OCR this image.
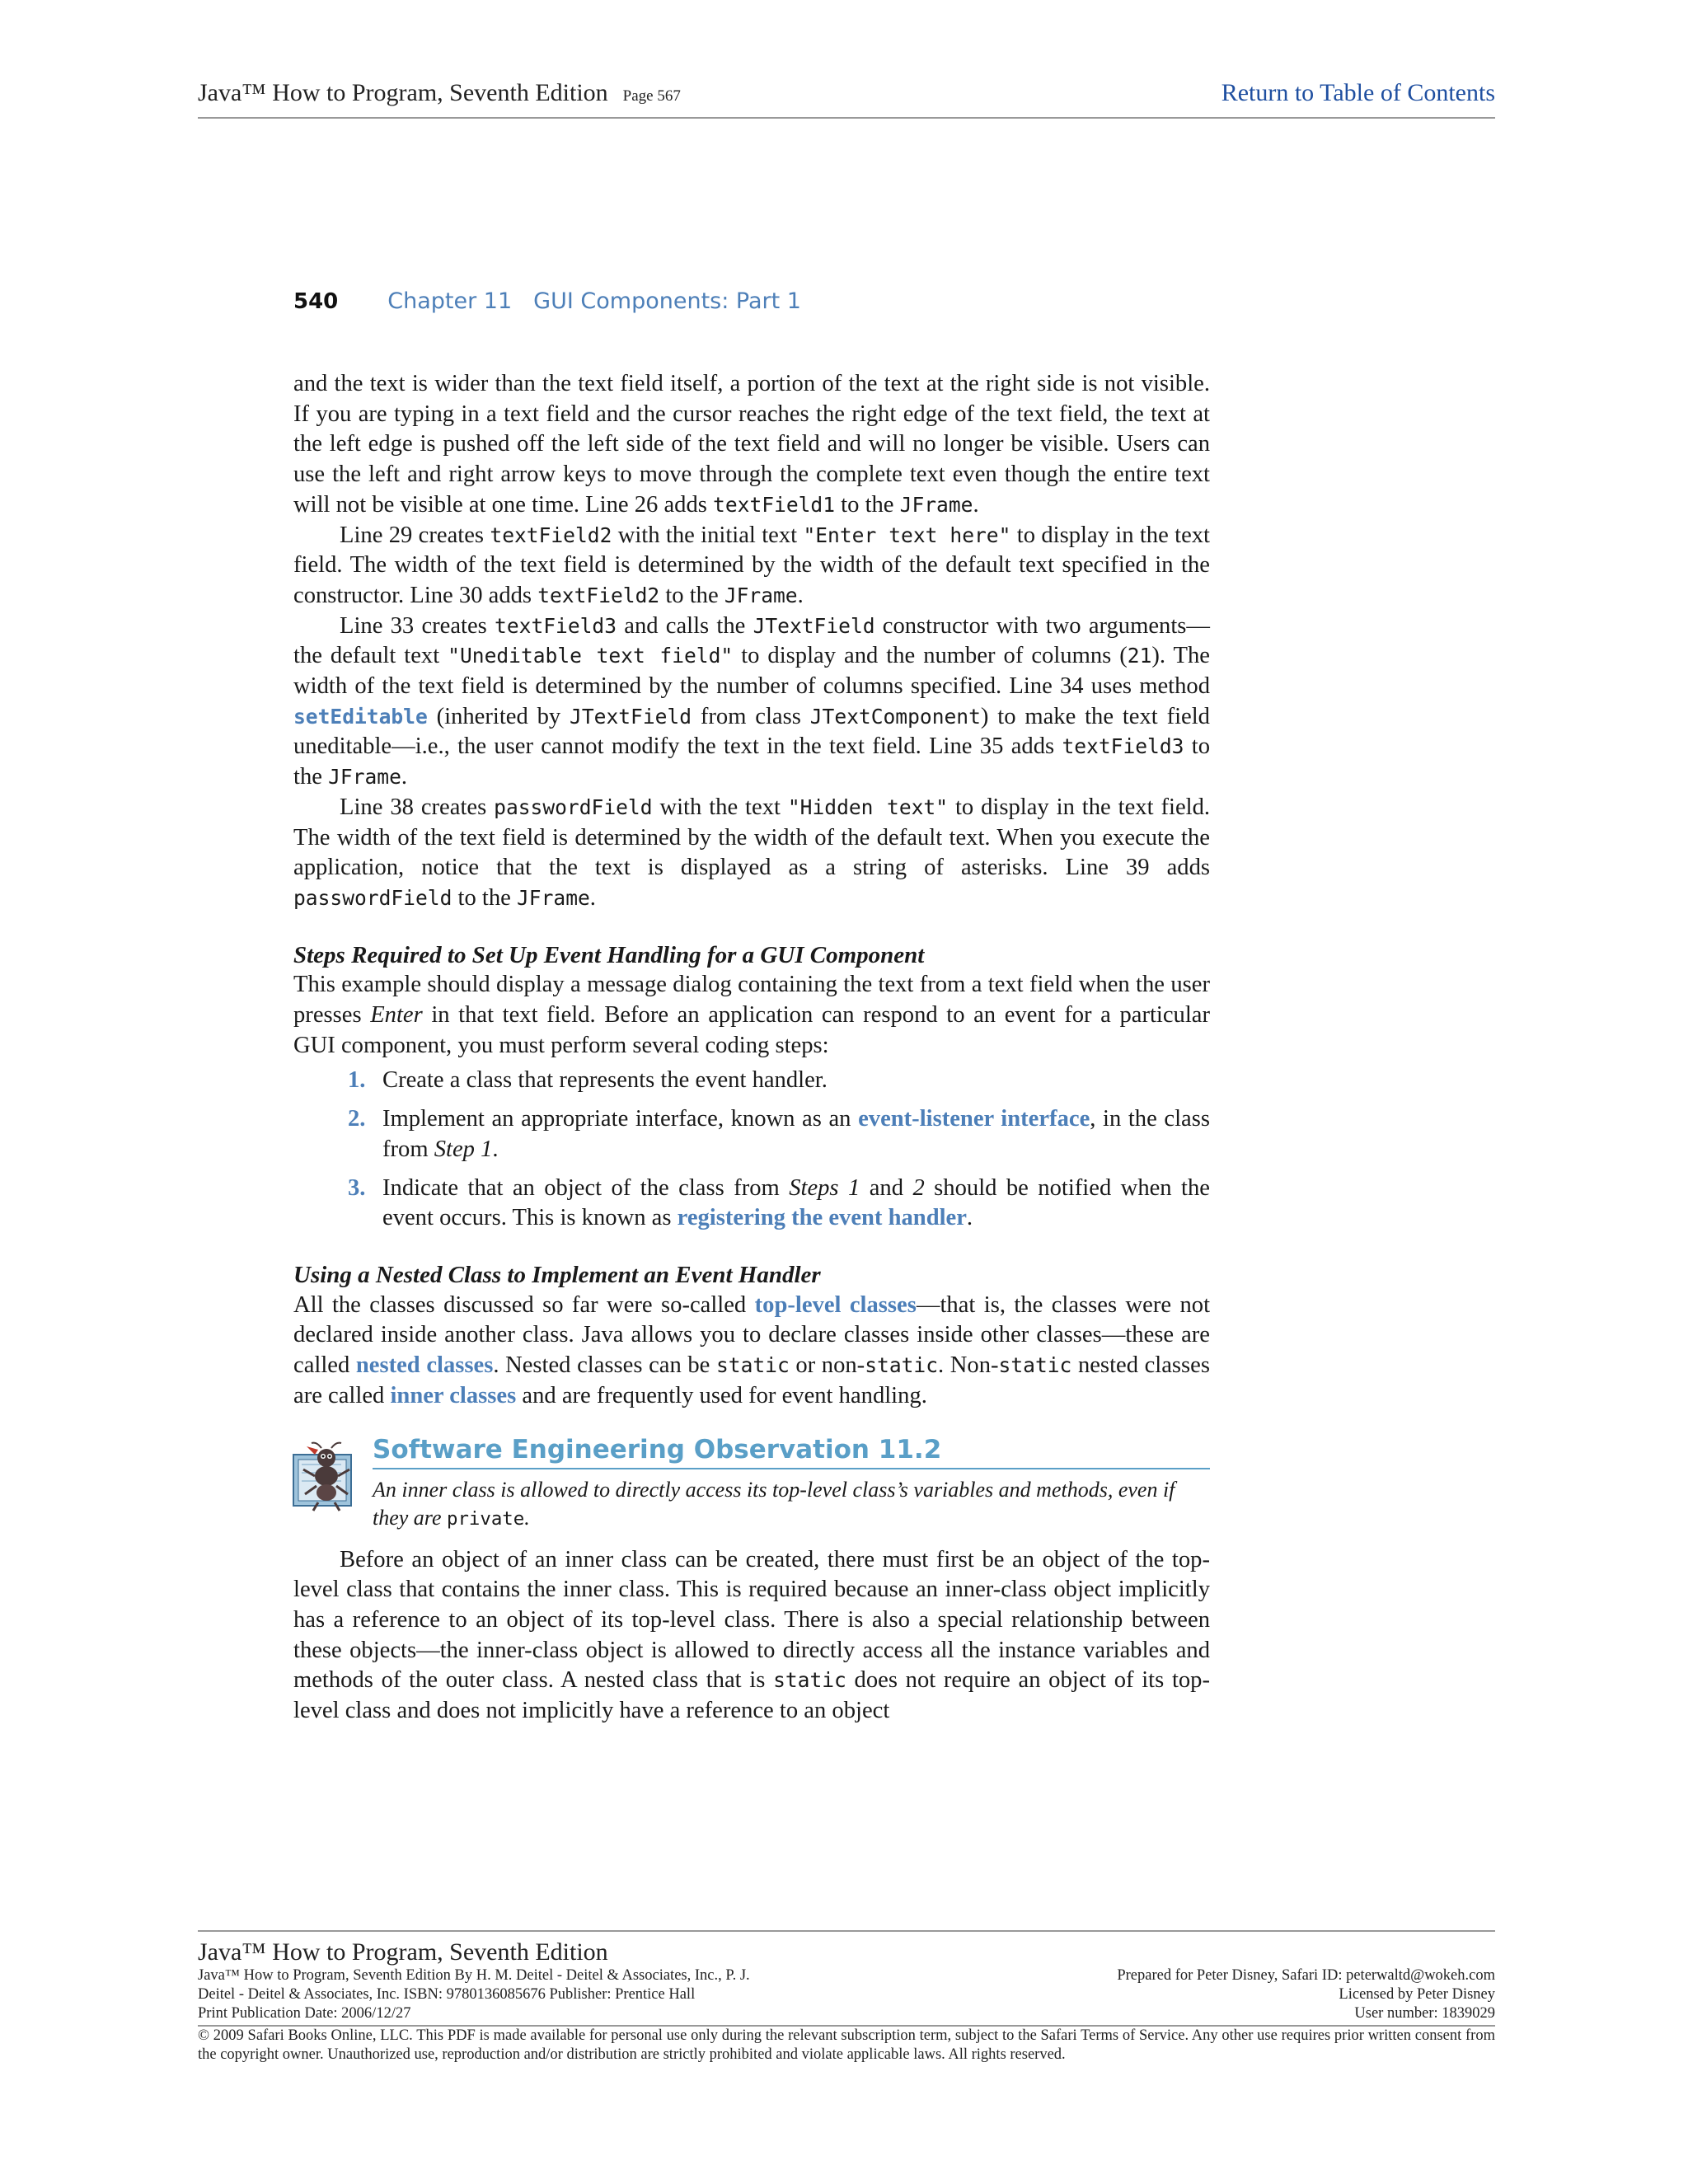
Java™ How to Program, Seventh Edition Page 567	Return to Table of Contents
540 Chapter 11 GUI Components: Part 1

and the text is wider than the text field itself, a portion of the text at the right side is not visible. If you are typing in a text field and the cursor reaches the right edge of the text field, the text at the left edge is pushed off the left side of the text field and will no longer be visible. Users can use the left and right arrow keys to move through the complete text even though the entire text will not be visible at one time. Line 26 adds textField1 to the JFrame.

Line 29 creates textField2 with the initial text "Enter text here" to display in the text field. The width of the text field is determined by the width of the default text specified in the constructor. Line 30 adds textField2 to the JFrame.

Line 33 creates textField3 and calls the JTextField constructor with two arguments—the default text "Uneditable text field" to display and the number of columns (21). The width of the text field is determined by the number of columns specified. Line 34 uses method setEditable (inherited by JTextField from class JTextComponent) to make the text field uneditable—i.e., the user cannot modify the text in the text field. Line 35 adds textField3 to the JFrame.

Line 38 creates passwordField with the text "Hidden text" to display in the text field. The width of the text field is determined by the width of the default text. When you execute the application, notice that the text is displayed as a string of asterisks. Line 39 adds passwordField to the JFrame.

Steps Required to Set Up Event Handling for a GUI Component

This example should display a message dialog containing the text from a text field when the user presses Enter in that text field. Before an application can respond to an event for a particular GUI component, you must perform several coding steps:

1. Create a class that represents the event handler.
2. Implement an appropriate interface, known as an event-listener interface, in the class from Step 1.
3. Indicate that an object of the class from Steps 1 and 2 should be notified when the event occurs. This is known as registering the event handler.

Using a Nested Class to Implement an Event Handler

All the classes discussed so far were so-called top-level classes—that is, the classes were not declared inside another class. Java allows you to declare classes inside other classes—these are called nested classes. Nested classes can be static or non-static. Non-static nested classes are called inner classes and are frequently used for event handling.

Software Engineering Observation 11.2
An inner class is allowed to directly access its top-level class’s variables and methods, even if they are private.

Before an object of an inner class can be created, there must first be an object of the top-level class that contains the inner class. This is required because an inner-class object implicitly has a reference to an object of its top-level class. There is also a special relationship between these objects—the inner-class object is allowed to directly access all the instance variables and methods of the outer class. A nested class that is static does not require an object of its top-level class and does not implicitly have a reference to an object

Java™ How to Program, Seventh Edition
Java™ How to Program, Seventh Edition By H. M. Deitel - Deitel & Associates, Inc., P. J.	Prepared for Peter Disney, Safari ID: peterwaltd@wokeh.com
Deitel - Deitel & Associates, Inc. ISBN: 9780136085676 Publisher: Prentice Hall	Licensed by Peter Disney
Print Publication Date: 2006/12/27	User number: 1839029
© 2009 Safari Books Online, LLC. This PDF is made available for personal use only during the relevant subscription term, subject to the Safari Terms of Service. Any other use requires prior written consent from the copyright owner. Unauthorized use, reproduction and/or distribution are strictly prohibited and violate applicable laws. All rights reserved.
